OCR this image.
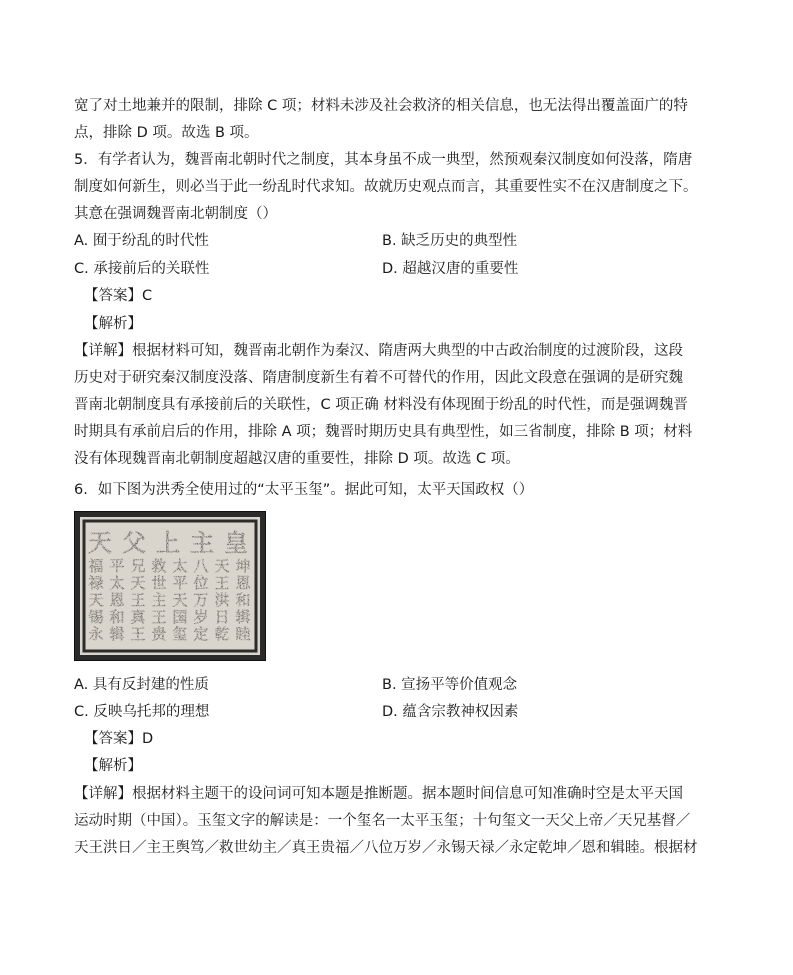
宽了对土地兼并的限制，排除 C 项；材料未涉及社会救济的相关信息，也无法得出覆盖面广的特
点，排除 D 项。故选 B 项。
5．有学者认为，魏晋南北朝时代之制度，其本身虽不成一典型，然预观秦汉制度如何没落，隋唐
制度如何新生，则必当于此一纷乱时代求知。故就历史观点而言，其重要性实不在汉唐制度之下。
其意在强调魏晋南北朝制度（）
A. 囿于纷乱的时代性	B. 缺乏历史的典型性
C. 承接前后的关联性	D. 超越汉唐的重要性
【答案】C
【解析】
【详解】根据材料可知，魏晋南北朝作为秦汉、隋唐两大典型的中古政治制度的过渡阶段，这段
历史对于研究秦汉制度没落、隋唐制度新生有着不可替代的作用，因此文段意在强调的是研究魏
晋南北朝制度具有承接前后的关联性，C 项正确 材料没有体现囿于纷乱的时代性，而是强调魏晋
时期具有承前启后的作用，排除 A 项；魏晋时期历史具有典型性，如三省制度，排除 B 项；材料
没有体现魏晋南北朝制度超越汉唐的重要性，排除 D 项。故选 C 项。
6．如下图为洪秀全使用过的“太平玉玺”。据此可知，太平天国政权（）
天 父 上 主 皇
福
禄
天
锡
永
平
太
恩
和
辑
兄
天
王
真
王
救
世
主
王
贵
太
平
天
国
玺
八
位
万
岁
定
天
王
洪
日
乾
坤
恩
和
辑
睦
A. 具有反封建的性质	B. 宣扬平等价值观念
C. 反映乌托邦的理想	D. 蕴含宗教神权因素
【答案】D
【解析】
【详解】根据材料主题干的设问词可知本题是推断题。据本题时间信息可知准确时空是太平天国
运动时期（中国）。玉玺文字的解读是：一个玺名一太平玉玺；十句玺文一天父上帝／天兄基督／
天王洪日／主王舆笃／救世幼主／真王贵福／八位万岁／永锡天禄／永定乾坤／恩和辑睦。根据材
